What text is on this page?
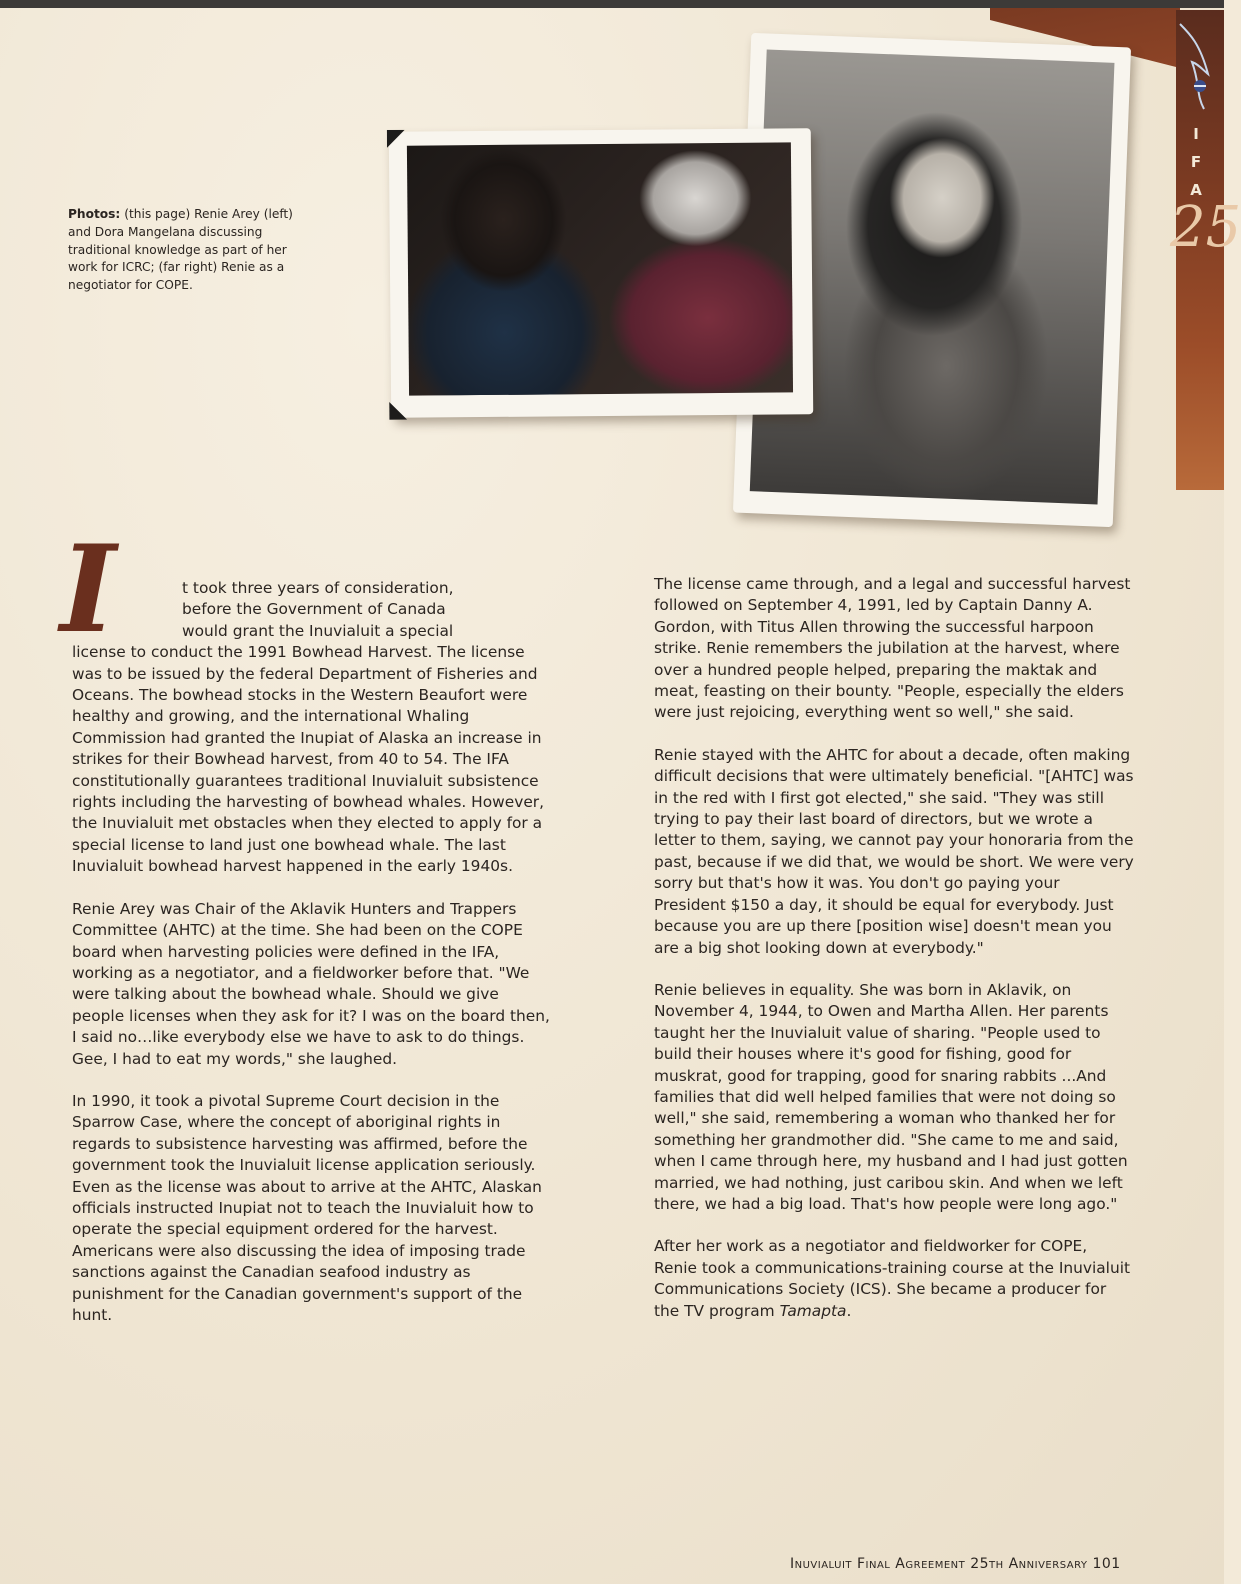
I
F
A
25
Photos: (this page) Renie Arey (left) and Dora Mangelana discussing traditional knowledge as part of her work for ICRC; (far right) Renie as a negotiator for COPE.
I	t took three years of consideration,
before the Government of Canada
would grant the Inuvialuit a special
license to conduct the 1991 Bowhead Harvest. The license was to be issued by the federal Department of Fisheries and Oceans. The bowhead stocks in the Western Beaufort were healthy and growing, and the international Whaling Commission had granted the Inupiat of Alaska an increase in strikes for their Bowhead harvest, from 40 to 54. The IFA constitutionally guarantees traditional Inuvialuit subsistence rights including the harvesting of bowhead whales. However, the Inuvialuit met obstacles when they elected to apply for a special license to land just one bowhead whale. The last Inuvialuit bowhead harvest happened in the early 1940s.

Renie Arey was Chair of the Aklavik Hunters and Trappers Committee (AHTC) at the time. She had been on the COPE board when harvesting policies were defined in the IFA, working as a negotiator, and a fieldworker before that. "We were talking about the bowhead whale. Should we give people licenses when they ask for it? I was on the board then, I said no…like everybody else we have to ask to do things. Gee, I had to eat my words," she laughed.

In 1990, it took a pivotal Supreme Court decision in the Sparrow Case, where the concept of aboriginal rights in regards to subsistence harvesting was affirmed, before the government took the Inuvialuit license application seriously. Even as the license was about to arrive at the AHTC, Alaskan officials instructed Inupiat not to teach the Inuvialuit how to operate the special equipment ordered for the harvest. Americans were also discussing the idea of imposing trade sanctions against the Canadian seafood industry as punishment for the Canadian government's support of the hunt.

The license came through, and a legal and successful harvest followed on September 4, 1991, led by Captain Danny A. Gordon, with Titus Allen throwing the successful harpoon strike. Renie remembers the jubilation at the harvest, where over a hundred people helped, preparing the maktak and meat, feasting on their bounty. "People, especially the elders were just rejoicing, everything went so well," she said.

Renie stayed with the AHTC for about a decade, often making difficult decisions that were ultimately beneficial. "[AHTC] was in the red with I first got elected," she said. "They was still trying to pay their last board of directors, but we wrote a letter to them, saying, we cannot pay your honoraria from the past, because if we did that, we would be short. We were very sorry but that's how it was. You don't go paying your President $150 a day, it should be equal for everybody. Just because you are up there [position wise] doesn't mean you are a big shot looking down at everybody."

Renie believes in equality. She was born in Aklavik, on November 4, 1944, to Owen and Martha Allen. Her parents taught her the Inuvialuit value of sharing. "People used to build their houses where it's good for fishing, good for muskrat, good for trapping, good for snaring rabbits ...And families that did well helped families that were not doing so well," she said, remembering a woman who thanked her for something her grandmother did. "She came to me and said, when I came through here, my husband and I had just gotten married, we had nothing, just caribou skin. And when we left there, we had a big load. That's how people were long ago."

After her work as a negotiator and fieldworker for COPE, Renie took a communications-training course at the Inuvialuit Communications Society (ICS). She became a producer for the TV program Tamapta.

Inuvialuit Final Agreement 25th Anniversary 101
